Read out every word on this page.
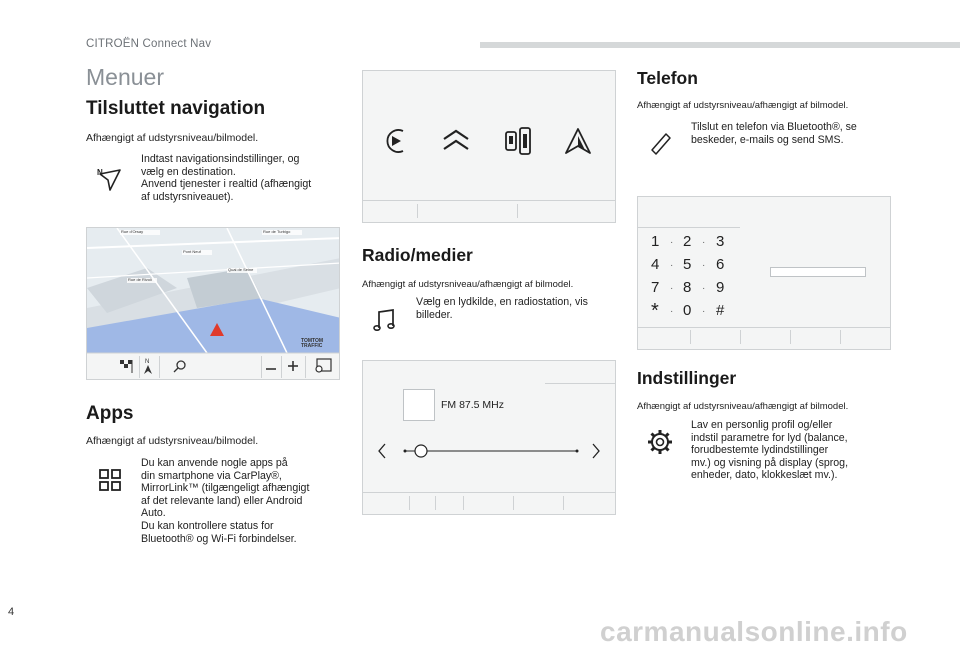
CITROËN Connect Nav
Menuer
Tilsluttet navigation
Afhængigt af udstyrsniveau/bilmodel.
N

Indtast navigationsindstillinger, og

vælg en destination.

Anvend tjenester i realtid (afhængigt

af udstyrsniveauet).

Rue d'Orsay	Rue de Turbigo
Pont Neuf
Quai de Seine
Rue de Rivoli
TOMTOM
TRAFFIC
N
Apps
Afhængigt af udstyrsniveau/bilmodel.

Du kan anvende nogle apps på

din smartphone via CarPlay®,

MirrorLink™ (tilgængeligt afhængigt

af det relevante land) eller Android

Auto.

Du kan kontrollere status for

Bluetooth® og Wi-Fi forbindelser.

Radio/medier
Afhængigt af udstyrsniveau/afhængigt af bilmodel.

Vælg en lydkilde, en radiostation, vis

billeder.

FM 87.5 MHz
Telefon
Afhængigt af udstyrsniveau/afhængigt af bilmodel.

Tilslut en telefon via Bluetooth®, se

beskeder, e-mails og send SMS.

1 · 2 · 3
4 · 5 · 6
7 · 8 · 9
* · 0 · #
Indstillinger
Afhængigt af udstyrsniveau/afhængigt af bilmodel.

Lav en personlig profil og/eller

indstil parametre for lyd (balance,

forudbestemte lydindstillinger

mv.) og visning på display (sprog,

enheder, dato, klokkeslæt mv.).

4
carmanualsonline.info
